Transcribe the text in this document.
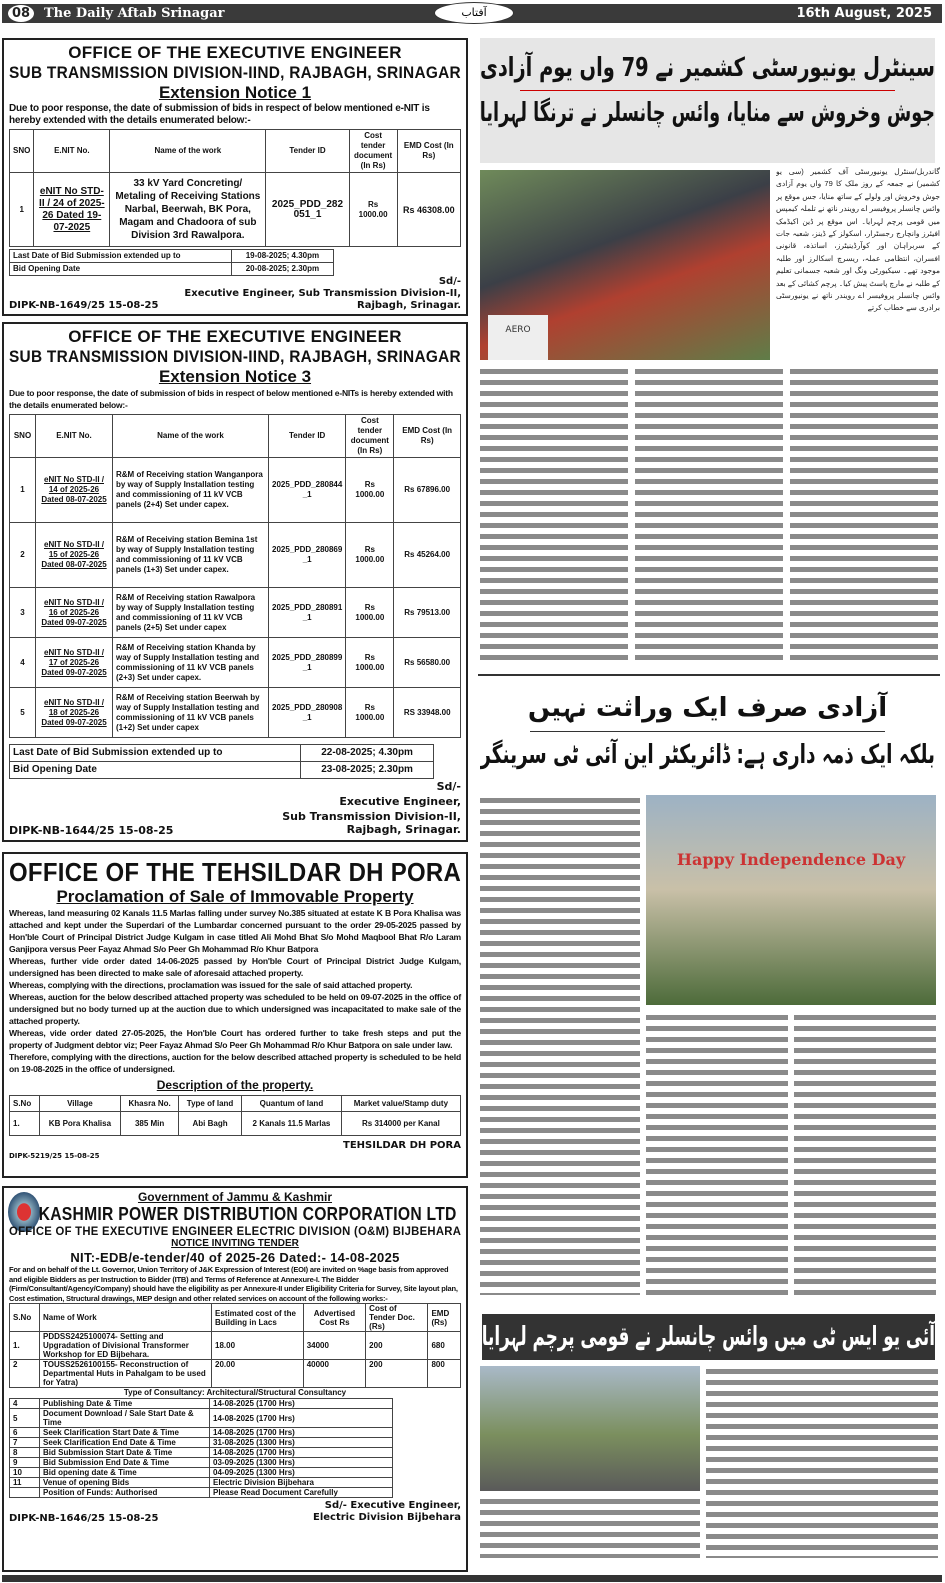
08	The Daily Aftab Srinagar	آفتاب	16th August, 2025
OFFICE OF THE EXECUTIVE ENGINEER
SUB TRANSMISSION DIVISION-IIND, RAJBAGH, SRINAGAR
Extension Notice 1
Due to poor response, the date of submission of bids in respect of below mentioned e-NIT is hereby extended with the details enumerated below:-
SNO	E.NIT No.	Name of the work	Tender ID	Cost tender document (In Rs)	EMD Cost (In Rs)
1	eNIT No STD-II / 24 of 2025-26 Dated 19-07-2025	33 kV Yard Concreting/ Metaling of Receiving Stations Narbal, Beerwah, BK Pora, Magam and Chadoora of sub Division 3rd Rawalpora.	2025_PDD_282051_1	Rs 1000.00	Rs 46308.00
Last Date of Bid Submission extended up to	19-08-2025; 4.30pm
Bid Opening Date	20-08-2025; 2.30pm
Sd/-
Executive Engineer, Sub Transmission Division-II,
DIPK-NB-1649/25 15-08-25	Rajbagh, Srinagar.
OFFICE OF THE EXECUTIVE ENGINEER
SUB TRANSMISSION DIVISION-IIND, RAJBAGH, SRINAGAR
Extension Notice 3
Due to poor response, the date of submission of bids in respect of below mentioned e-NITs is hereby extended with the details enumerated below:-
SNO	E.NIT No.	Name of the work	Tender ID	Cost tender document (In Rs)	EMD Cost (In Rs)
1	eNIT No STD-II / 14 of 2025-26 Dated 08-07-2025	R&M of Receiving station Wanganpora by way of Supply Installation testing and commissioning of 11 kV VCB panels (2+4) Set under capex.	2025_PDD_280844_1	Rs 1000.00	Rs 67896.00
2	eNIT No STD-II / 15 of 2025-26 Dated 08-07-2025	R&M of Receiving station Bemina 1st by way of Supply Installation testing and commissioning of 11 kV VCB panels (1+3) Set under capex.	2025_PDD_280869_1	Rs 1000.00	Rs 45264.00
3	eNIT No STD-II / 16 of 2025-26 Dated 09-07-2025	R&M of Receiving station Rawalpora by way of Supply Installation testing and commissioning of 11 kV VCB panels (2+5) Set under capex	2025_PDD_280891_1	Rs 1000.00	Rs 79513.00
4	eNIT No STD-II / 17 of 2025-26 Dated 09-07-2025	R&M of Receiving station Khanda by way of Supply Installation testing and commissioning of 11 kV VCB panels (2+3) Set under capex.	2025_PDD_280899_1	Rs 1000.00	Rs 56580.00
5	eNIT No STD-II / 18 of 2025-26 Dated 09-07-2025	R&M of Receiving station Beerwah by way of Supply Installation testing and commissioning of 11 kV VCB panels (1+2) Set under capex	2025_PDD_280908_1	Rs 1000.00	RS 33948.00
Last Date of Bid Submission extended up to	22-08-2025; 4.30pm
Bid Opening Date	23-08-2025; 2.30pm
Sd/-
Executive Engineer,
Sub Transmission Division-II,
DIPK-NB-1644/25 15-08-25	Rajbagh, Srinagar.
OFFICE OF THE TEHSILDAR DH PORA
Proclamation of Sale of Immovable Property
Whereas, land measuring 02 Kanals 11.5 Marlas falling under survey No.385 situated at estate K B Pora Khalisa was attached and kept under the Superdari of the Lumbardar concerned pursuant to the order 29-05-2025 passed by Hon'ble Court of Principal District Judge Kulgam in case titled Ali Mohd Bhat S/o Mohd Maqbool Bhat R/o Laram Ganjipora versus Peer Fayaz Ahmad S/o Peer Gh Mohammad R/o Khur Batpora
Whereas, further vide order dated 14-06-2025 passed by Hon'ble Court of Principal District Judge Kulgam, undersigned has been directed to make sale of aforesaid attached property.
Whereas, complying with the directions, proclamation was issued for the sale of said attached property.
Whereas, auction for the below described attached property was scheduled to be held on 09-07-2025 in the office of undersigned but no body turned up at the auction due to which undersigned was incapacitated to make sale of the attached property.
Whereas, vide order dated 27-05-2025, the Hon'ble Court has ordered further to take fresh steps and put the property of Judgment debtor viz; Peer Fayaz Ahmad S/o Peer Gh Mohammad R/o Khur Batpora on sale under law.
Therefore, complying with the directions, auction for the below described attached property is scheduled to be held on 19-08-2025 in the office of undersigned.
Description of the property.
S.No	Village	Khasra No.	Type of land	Quantum of land	Market value/Stamp duty
1.	KB Pora Khalisa	385 Min	Abi Bagh	2 Kanals 11.5 Marlas	Rs 314000 per Kanal
TEHSILDAR DH PORA
DIPK-5219/25 15-08-25
Government of Jammu & Kashmir
KASHMIR POWER DISTRIBUTION CORPORATION LTD
OFFICE OF THE EXECUTIVE ENGINEER ELECTRIC DIVISION (O&M) BIJBEHARA
NOTICE INVITING TENDER
NIT:-EDB/e-tender/40 of 2025-26 Dated:- 14-08-2025
For and on behalf of the Lt. Governor, Union Territory of J&K Expression of Interest (EOI) are invited on %age basis from approved and eligible Bidders as per Instruction to Bidder (ITB) and Terms of Reference at Annexure-I. The Bidder (Firm/Consultant/Agency/Company) should have the eligibility as per Annexure-II under Eligibility Criteria for Survey, Site layout plan, Cost estimation, Structural drawings, MEP design and other related services on account of the following works:-
S.No	Name of Work	Estimated cost of the Building in Lacs	Advertised Cost Rs	Cost of Tender Doc. (Rs)	EMD (Rs)
1.	PDDSS2425100074- Setting and Upgradation of Divisional Transformer Workshop for ED Bijbehara.	18.00	34000	200	680
2	TOUSS2526100155- Reconstruction of Departmental Huts in Pahalgam to be used for Yatra)	20.00	40000	200	800
Type of Consultancy: Architectural/Structural Consultancy
4	Publishing Date & Time	14-08-2025 (1700 Hrs)
5	Document Download / Sale Start Date & Time	14-08-2025 (1700 Hrs)
6	Seek Clarification Start Date & Time	14-08-2025 (1700 Hrs)
7	Seek Clarification End Date & Time	31-08-2025 (1300 Hrs)
8	Bid Submission Start Date & Time	14-08-2025 (1700 Hrs)
9	Bid Submission End Date & Time	03-09-2025 (1300 Hrs)
10	Bid opening date & Time	04-09-2025 (1300 Hrs)
11	Venue of opening Bids	Electric Division Bijbehara
	Position of Funds: Authorised	Please Read Document Carefully
DIPK-NB-1646/25 15-08-25
Sd/- Executive Engineer,
Electric Division Bijbehara
سینٹرل یونیورسٹی کشمیر نے 79 واں یوم آزادی
جوش وخروش سے منایا، وائس چانسلر نے ترنگا لہرایا
AERO
گاندربل/سنٹرل یونیورسٹی آف کشمیر (سی یو کشمیر) نے جمعہ کے روز ملک کا 79 واں یوم آزادی جوش وخروش اور ولولے کے ساتھ منایا، جس موقع پر وائس چانسلر پروفیسر اے رویندر ناتھ نے تلملہ کیمپس میں قومی پرچم لہرایا۔ اس موقع پر ڈین اکیڈمک افیئرز وانچارج رجسٹرار، اسکولز کے ڈینز، شعبہ جات کے سربراہان اور کوآرڈینیٹرز، اساتذہ، قانونی افسران، انتظامی عملہ، ریسرچ اسکالرز اور طلبہ موجود تھے۔ سیکیورٹی ونگ اور شعبہ جسمانی تعلیم کے طلبہ نے مارچ پاسٹ پیش کیا۔ پرچم کشائی کے بعد وائس چانسلر پروفیسر اے رویندر ناتھ نے یونیورسٹی برادری سے خطاب کرتے
آزادی صرف ایک وراثت نہیں
بلکہ ایک ذمہ داری ہے: ڈائریکٹر این آئی ٹی سرینگر
Happy Independence Day
آئی یو ایس ٹی میں وائس چانسلر نے قومی پرچم لہرایا
